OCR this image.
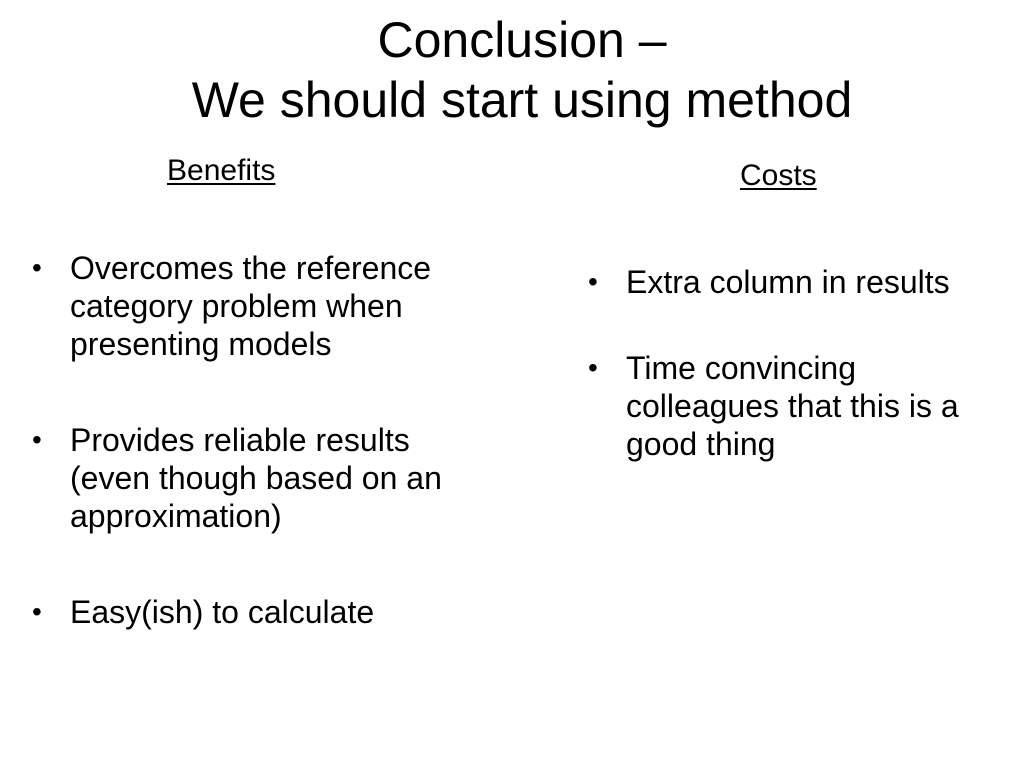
Conclusion –
We should start using method
Benefits	Costs
• Overcomes the reference category problem when presenting models
• Provides reliable results (even though based on an approximation)
• Easy(ish) to calculate
• Extra column in results
• Time convincing colleagues that this is a good thing
